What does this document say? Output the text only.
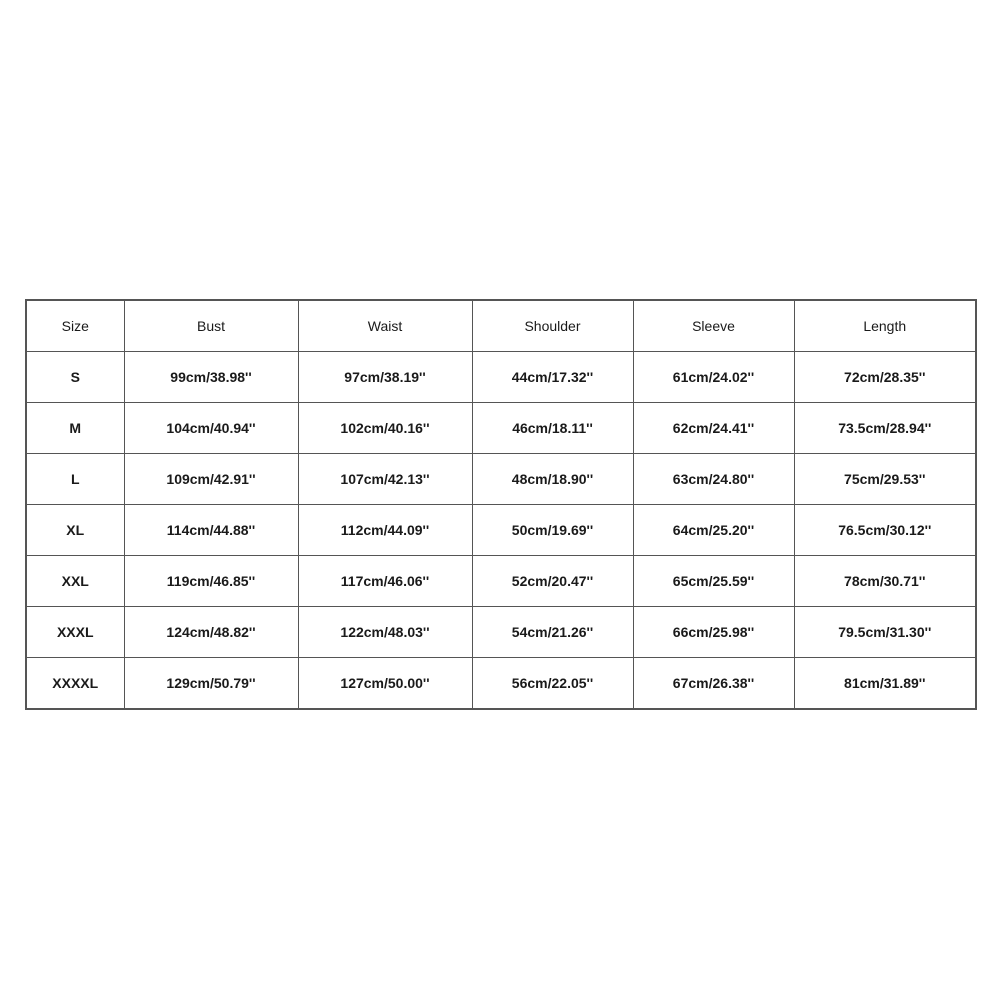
Size	Bust	Waist	Shoulder	Sleeve	Length
S	99cm/38.98''	97cm/38.19''	44cm/17.32''	61cm/24.02''	72cm/28.35''
M	104cm/40.94''	102cm/40.16''	46cm/18.11''	62cm/24.41''	73.5cm/28.94''
L	109cm/42.91''	107cm/42.13''	48cm/18.90''	63cm/24.80''	75cm/29.53''
XL	114cm/44.88''	112cm/44.09''	50cm/19.69''	64cm/25.20''	76.5cm/30.12''
XXL	119cm/46.85''	117cm/46.06''	52cm/20.47''	65cm/25.59''	78cm/30.71''
XXXL	124cm/48.82''	122cm/48.03''	54cm/21.26''	66cm/25.98''	79.5cm/31.30''
XXXXL	129cm/50.79''	127cm/50.00''	56cm/22.05''	67cm/26.38''	81cm/31.89''
